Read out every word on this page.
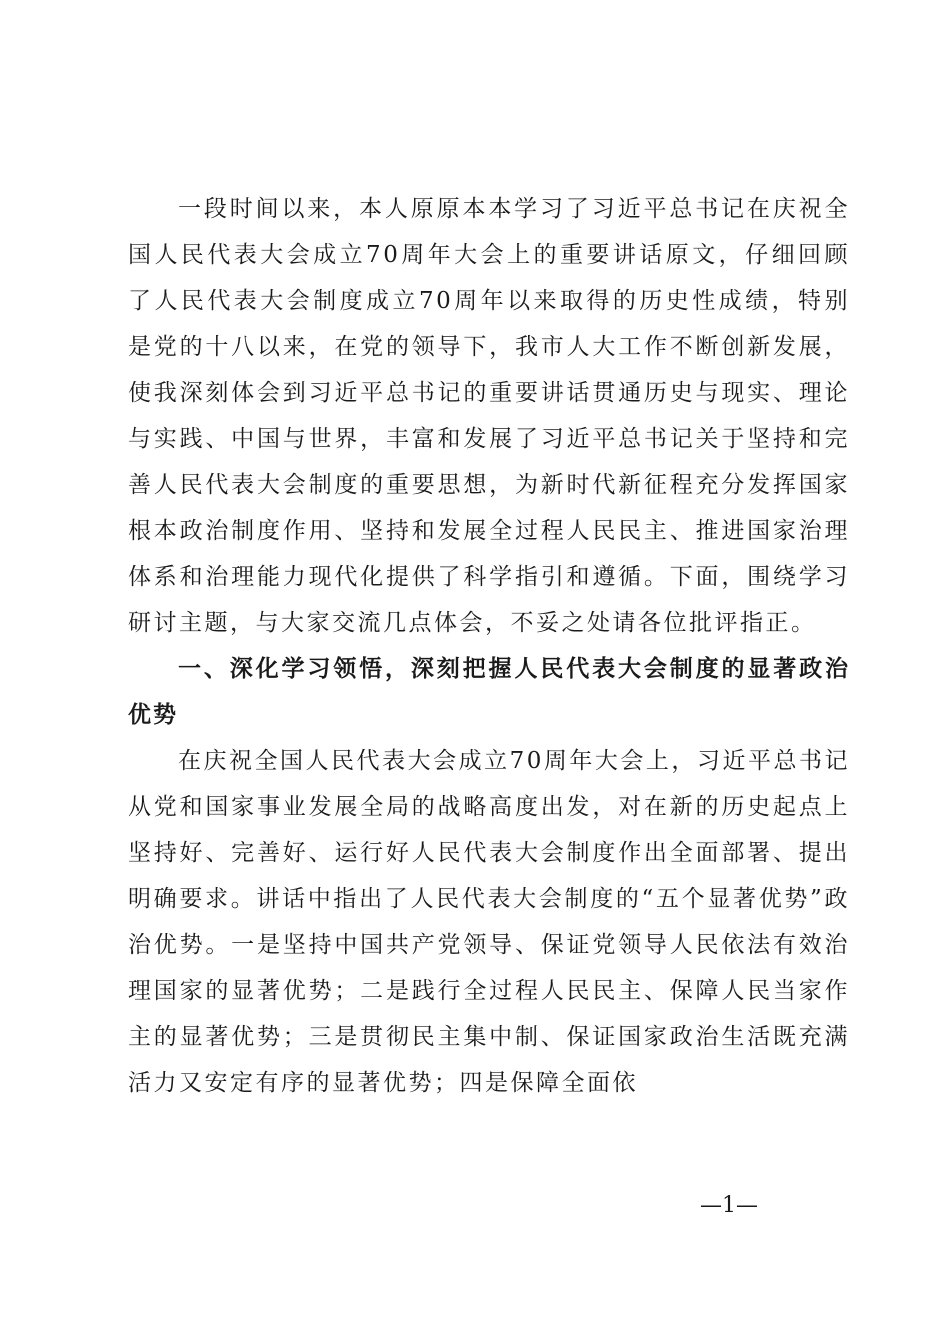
一段时间以来，本人原原本本学习了习近平总书记在庆祝全国人民代表大会成立70周年大会上的重要讲话原文，仔细回顾了人民代表大会制度成立70周年以来取得的历史性成绩，特别是党的十八以来，在党的领导下，我市人大工作不断创新发展，使我深刻体会到习近平总书记的重要讲话贯通历史与现实、理论与实践、中国与世界，丰富和发展了习近平总书记关于坚持和完善人民代表大会制度的重要思想，为新时代新征程充分发挥国家根本政治制度作用、坚持和发展全过程人民民主、推进国家治理体系和治理能力现代化提供了科学指引和遵循。下面，围绕学习研讨主题，与大家交流几点体会，不妥之处请各位批评指正。

一、深化学习领悟，深刻把握人民代表大会制度的显著政治优势

在庆祝全国人民代表大会成立70周年大会上，习近平总书记从党和国家事业发展全局的战略高度出发，对在新的历史起点上坚持好、完善好、运行好人民代表大会制度作出全面部署、提出明确要求。讲话中指出了人民代表大会制度的“五个显著优势”政治优势。一是坚持中国共产党领导、保证党领导人民依法有效治理国家的显著优势；二是践行全过程人民民主、保障人民当家作主的显著优势；三是贯彻民主集中制、保证国家政治生活既充满活力又安定有序的显著优势；四是保障全面依

—1—
